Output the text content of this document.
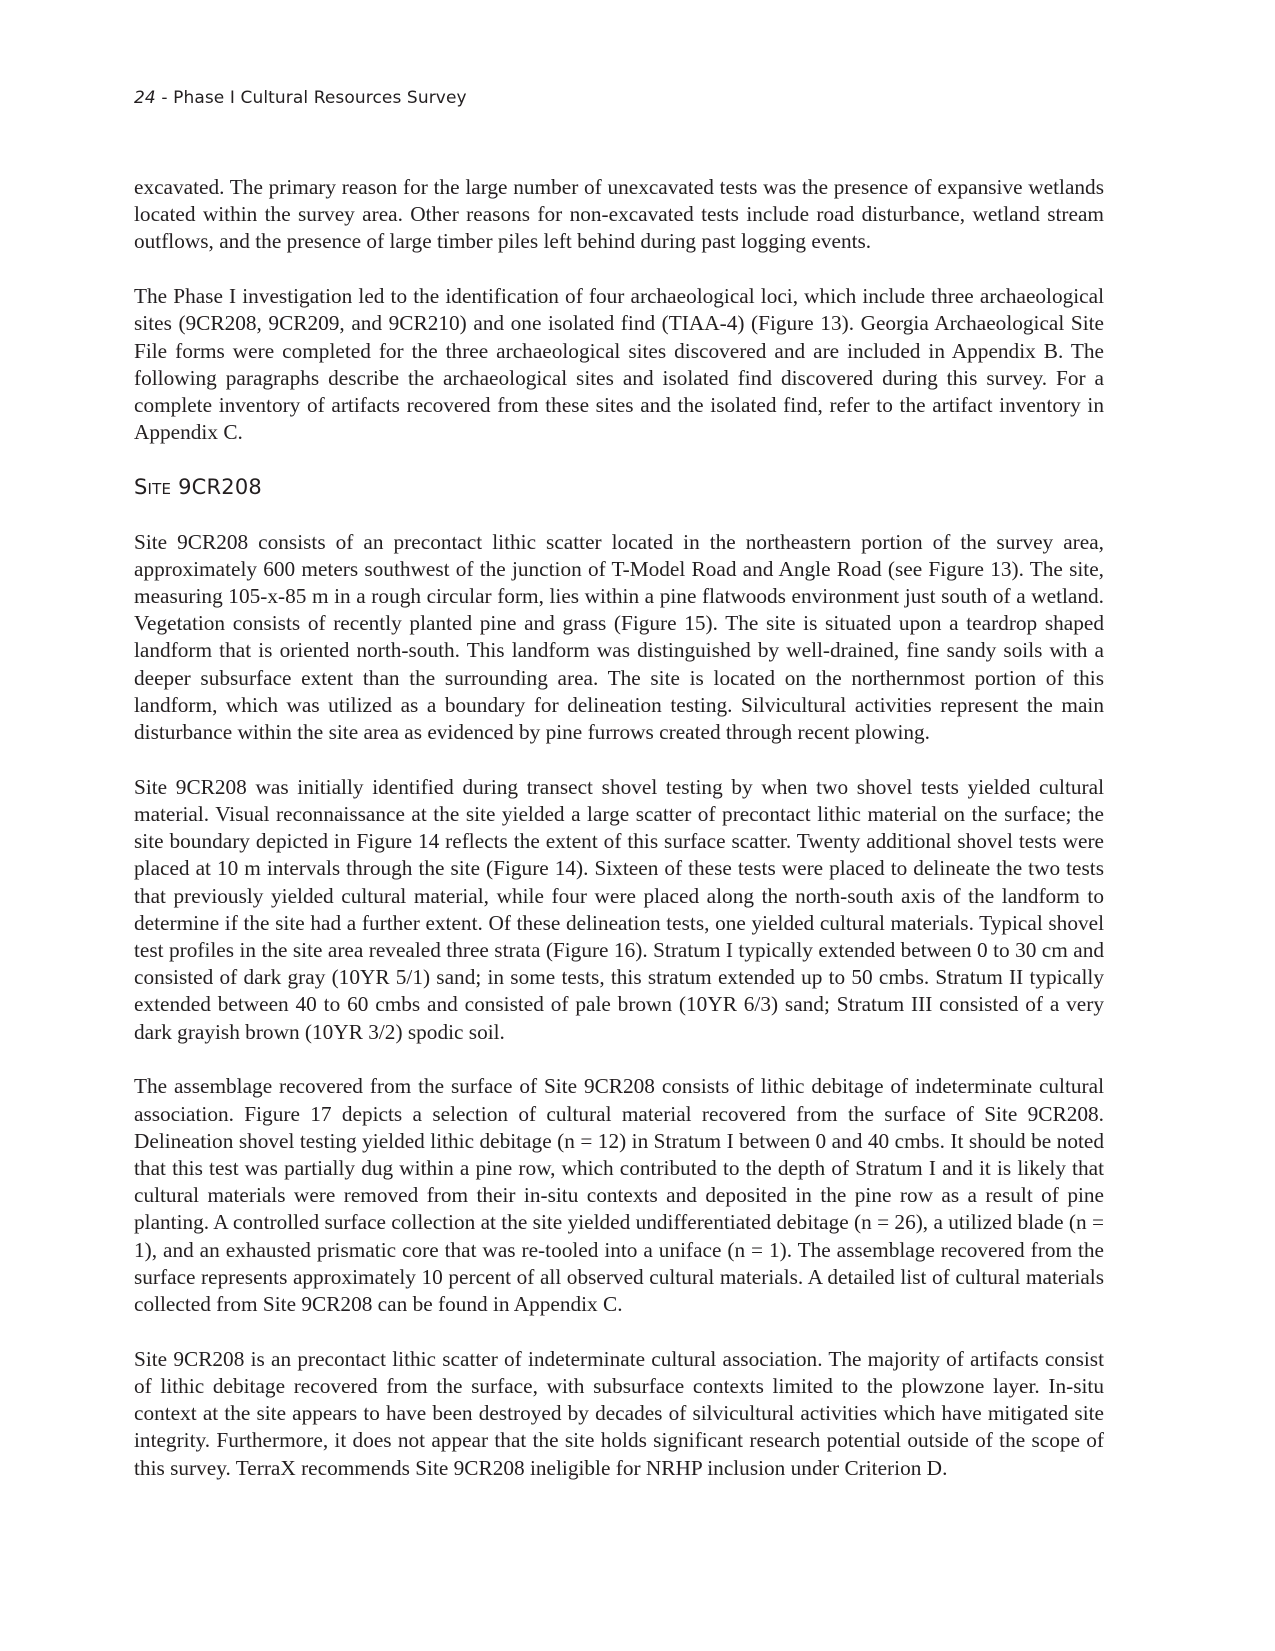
24 - Phase I Cultural Resources Survey

excavated. The primary reason for the large number of unexcavated tests was the presence of expansive wetlands located within the survey area. Other reasons for non-excavated tests include road disturbance, wetland stream outflows, and the presence of large timber piles left behind during past logging events.

The Phase I investigation led to the identification of four archaeological loci, which include three archaeological sites (9CR208, 9CR209, and 9CR210) and one isolated find (TIAA-4) (Figure 13). Georgia Archaeological Site File forms were completed for the three archaeological sites discovered and are included in Appendix B. The following paragraphs describe the archaeological sites and isolated find discovered during this survey. For a complete inventory of artifacts recovered from these sites and the isolated find, refer to the artifact inventory in Appendix C.

Site 9CR208

Site 9CR208 consists of an precontact lithic scatter located in the northeastern portion of the survey area, approximately 600 meters southwest of the junction of T-Model Road and Angle Road (see Figure 13). The site, measuring 105-x-85 m in a rough circular form, lies within a pine flatwoods environment just south of a wetland. Vegetation consists of recently planted pine and grass (Figure 15). The site is situated upon a teardrop shaped landform that is oriented north-south. This landform was distinguished by well-drained, fine sandy soils with a deeper subsurface extent than the surrounding area. The site is located on the northernmost portion of this landform, which was utilized as a boundary for delineation testing. Silvicultural activities represent the main disturbance within the site area as evidenced by pine furrows created through recent plowing.

Site 9CR208 was initially identified during transect shovel testing by when two shovel tests yielded cultural material. Visual reconnaissance at the site yielded a large scatter of precontact lithic material on the surface; the site boundary depicted in Figure 14 reflects the extent of this surface scatter. Twenty additional shovel tests were placed at 10 m intervals through the site (Figure 14). Sixteen of these tests were placed to delineate the two tests that previously yielded cultural material, while four were placed along the north-south axis of the landform to determine if the site had a further extent. Of these delineation tests, one yielded cultural materials. Typical shovel test profiles in the site area revealed three strata (Figure 16). Stratum I typically extended between 0 to 30 cm and consisted of dark gray (10YR 5/1) sand; in some tests, this stratum extended up to 50 cmbs. Stratum II typically extended between 40 to 60 cmbs and consisted of pale brown (10YR 6/3) sand; Stratum III consisted of a very dark grayish brown (10YR 3/2) spodic soil.

The assemblage recovered from the surface of Site 9CR208 consists of lithic debitage of indeterminate cultural association. Figure 17 depicts a selection of cultural material recovered from the surface of Site 9CR208. Delineation shovel testing yielded lithic debitage (n = 12) in Stratum I between 0 and 40 cmbs. It should be noted that this test was partially dug within a pine row, which contributed to the depth of Stratum I and it is likely that cultural materials were removed from their in-situ contexts and deposited in the pine row as a result of pine planting. A controlled surface collection at the site yielded undifferentiated debitage (n = 26), a utilized blade (n = 1), and an exhausted prismatic core that was re-tooled into a uniface (n = 1). The assemblage recovered from the surface represents approximately 10 percent of all observed cultural materials. A detailed list of cultural materials collected from Site 9CR208 can be found in Appendix C.

Site 9CR208 is an precontact lithic scatter of indeterminate cultural association. The majority of artifacts consist of lithic debitage recovered from the surface, with subsurface contexts limited to the plowzone layer. In-situ context at the site appears to have been destroyed by decades of silvicultural activities which have mitigated site integrity. Furthermore, it does not appear that the site holds significant research potential outside of the scope of this survey. TerraX recommends Site 9CR208 ineligible for NRHP inclusion under Criterion D.
